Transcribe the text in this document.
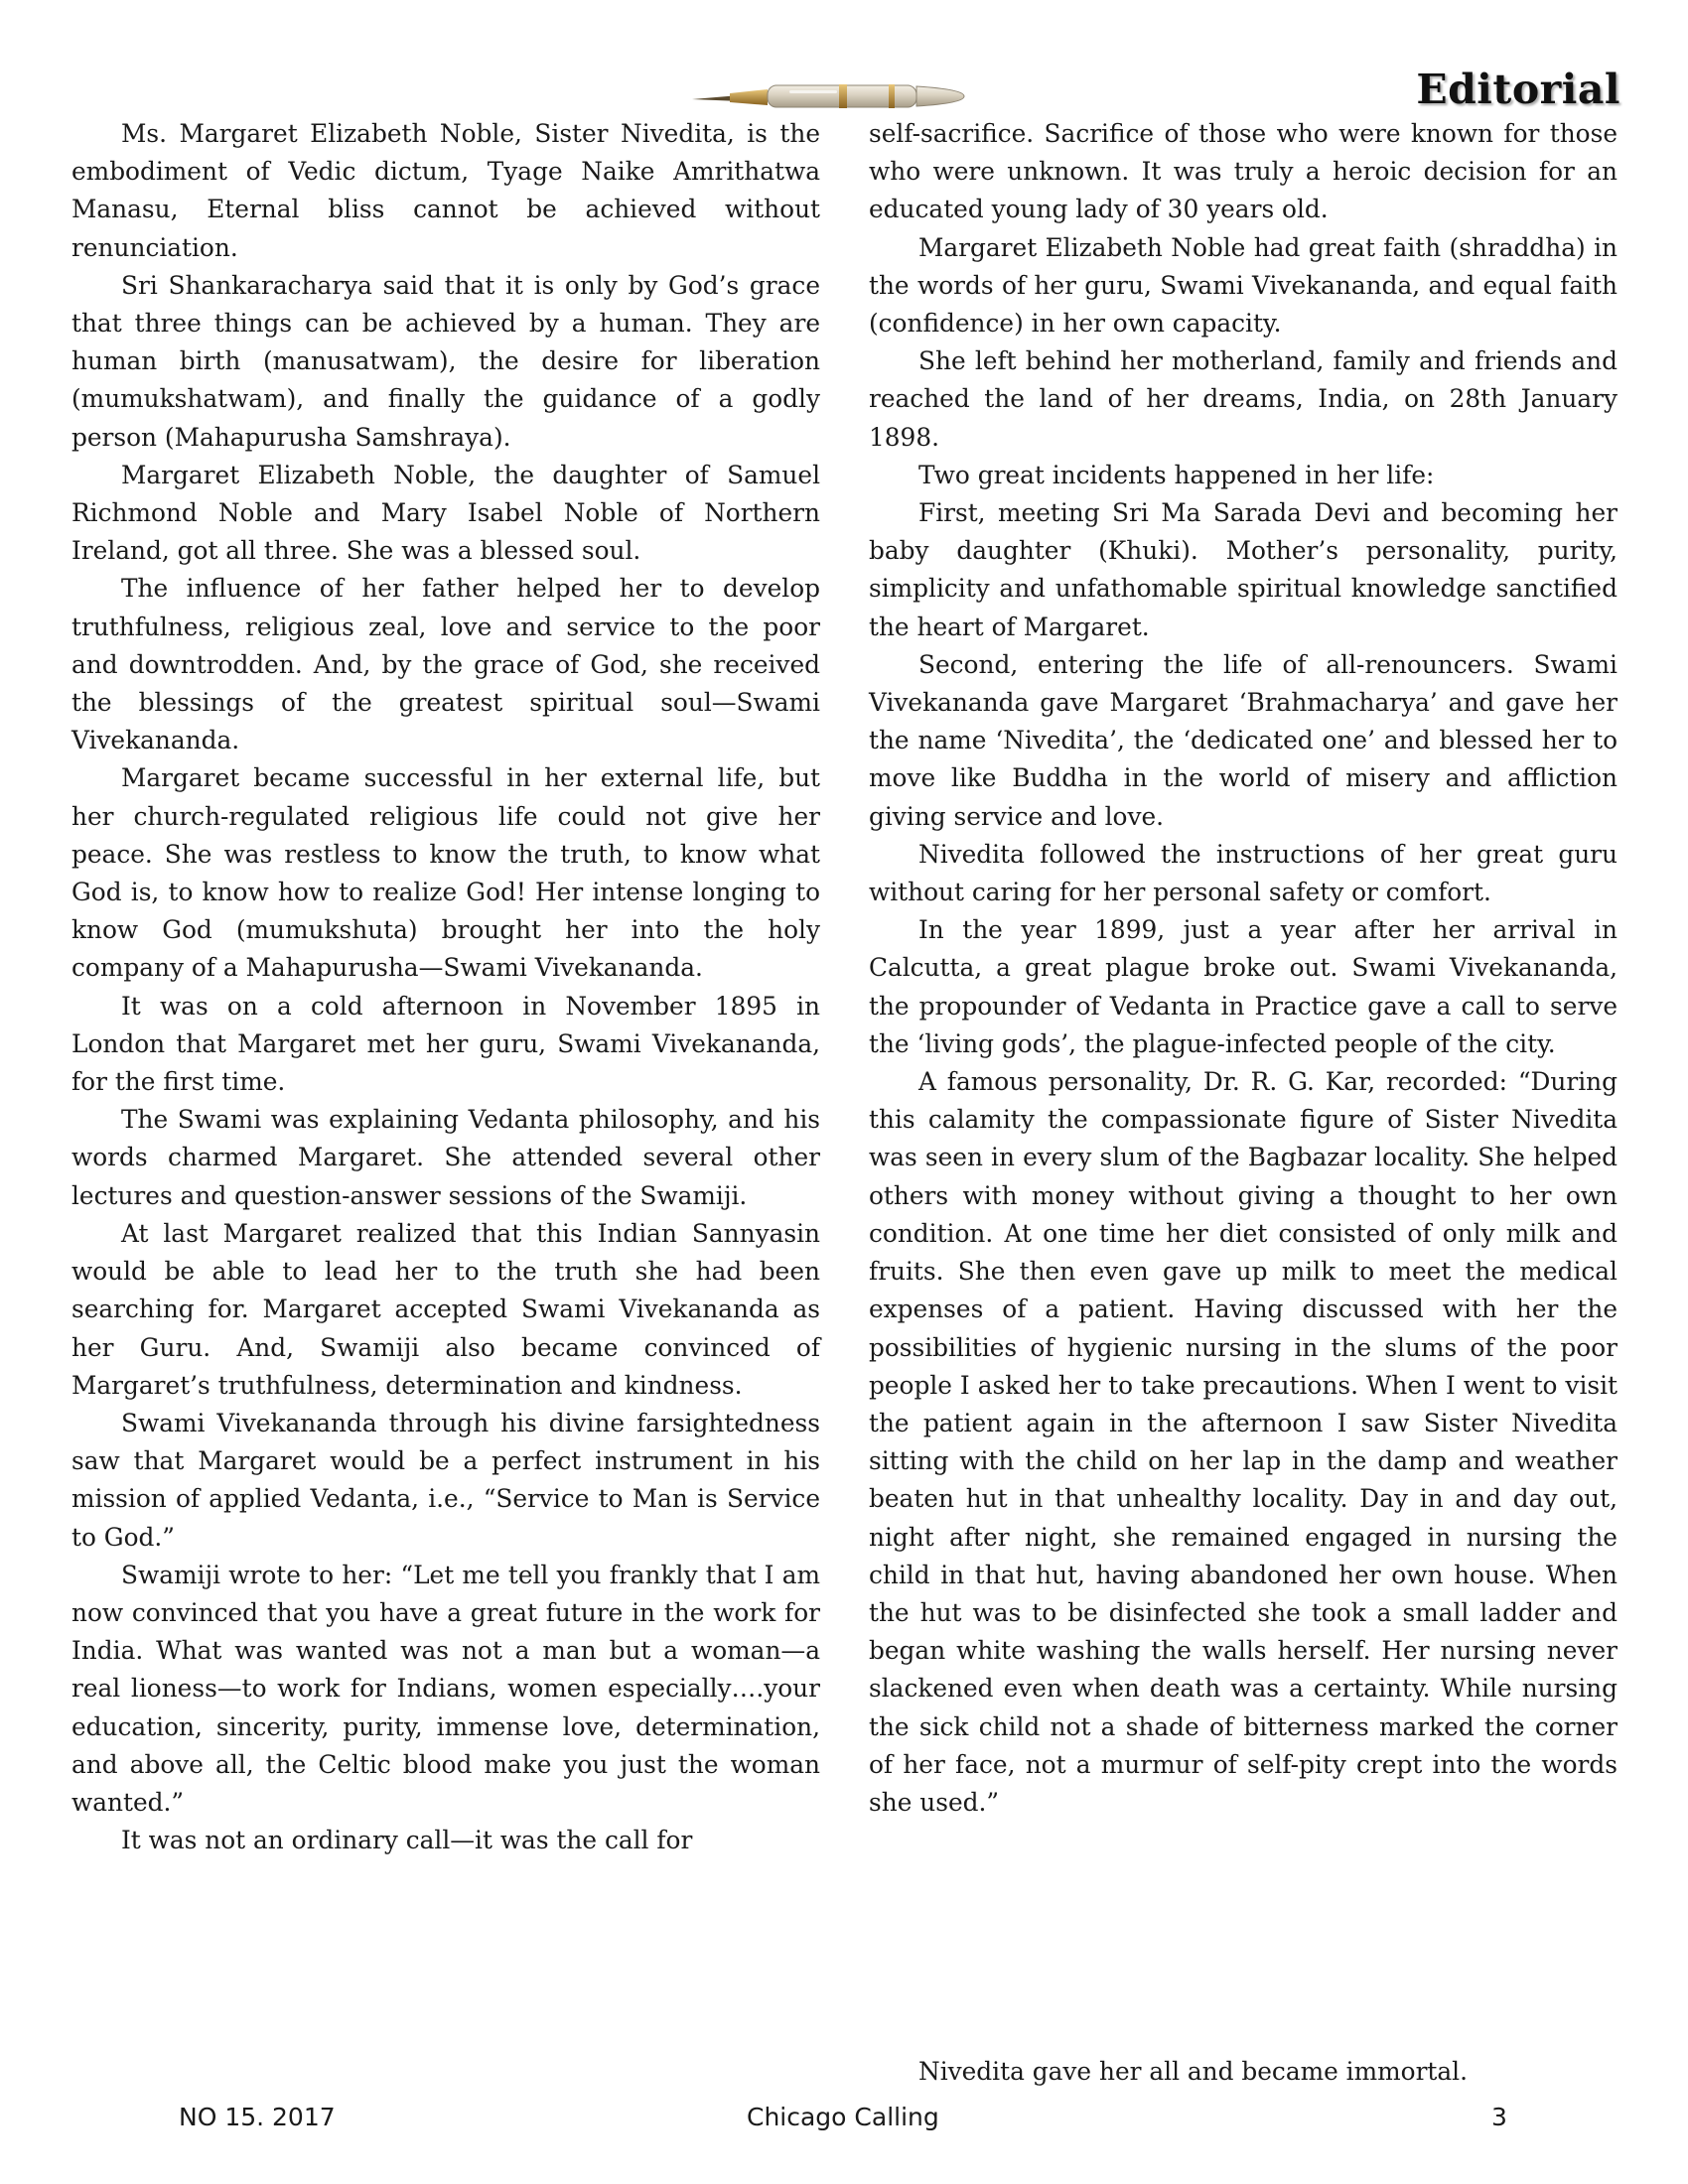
Editorial

Ms. Margaret Elizabeth Noble, Sister Nivedita, is the embodiment of Vedic dictum, Tyage Naike Amrithatwa Manasu, Eternal bliss cannot be achieved without renunciation.

Sri Shankaracharya said that it is only by God’s grace that three things can be achieved by a human. They are human birth (manusatwam), the desire for liberation (mumukshatwam), and finally the guidance of a godly person (Mahapurusha Samshraya).

Margaret Elizabeth Noble, the daughter of Samuel Richmond Noble and Mary Isabel Noble of Northern Ireland, got all three. She was a blessed soul.

The influence of her father helped her to develop truthfulness, religious zeal, love and service to the poor and downtrodden. And, by the grace of God, she received the blessings of the greatest spiritual soul—Swami Vivekananda.

Margaret became successful in her external life, but her church-regulated religious life could not give her peace. She was restless to know the truth, to know what God is, to know how to realize God! Her intense longing to know God (mumukshuta) brought her into the holy company of a Mahapurusha—Swami Vivekananda.

It was on a cold afternoon in November 1895 in London that Margaret met her guru, Swami Vivekananda, for the first time.

The Swami was explaining Vedanta philosophy, and his words charmed Margaret. She attended several other lectures and question-answer sessions of the Swamiji.

At last Margaret realized that this Indian Sannyasin would be able to lead her to the truth she had been searching for. Margaret accepted Swami Vivekananda as her Guru. And, Swamiji also became convinced of Margaret’s truthfulness, determination and kindness.

Swami Vivekananda through his divine farsightedness saw that Margaret would be a perfect instrument in his mission of applied Vedanta, i.e., “Service to Man is Service to God.”

Swamiji wrote to her: “Let me tell you frankly that I am now convinced that you have a great future in the work for India. What was wanted was not a man but a woman—a real lioness—to work for Indians, women especially….your education, sincerity, purity, immense love, determination, and above all, the Celtic blood make you just the woman wanted.”

It was not an ordinary call—it was the call for

self-sacrifice. Sacrifice of those who were known for those who were unknown. It was truly a heroic decision for an educated young lady of 30 years old.

Margaret Elizabeth Noble had great faith (shraddha) in the words of her guru, Swami Vivekananda, and equal faith (confidence) in her own capacity.

She left behind her motherland, family and friends and reached the land of her dreams, India, on 28th January 1898.

Two great incidents happened in her life:

First, meeting Sri Ma Sarada Devi and becoming her baby daughter (Khuki). Mother’s personality, purity, simplicity and unfathomable spiritual knowledge sanctified the heart of Margaret.

Second, entering the life of all-renouncers. Swami Vivekananda gave Margaret ‘Brahmacharya’ and gave her the name ‘Nivedita’, the ‘dedicated one’ and blessed her to move like Buddha in the world of misery and affliction giving service and love.

Nivedita followed the instructions of her great guru without caring for her personal safety or comfort.

In the year 1899, just a year after her arrival in Calcutta, a great plague broke out. Swami Vivekananda, the propounder of Vedanta in Practice gave a call to serve the ‘living gods’, the plague-infected people of the city.

A famous personality, Dr. R. G. Kar, recorded: “During this calamity the compassionate figure of Sister Nivedita was seen in every slum of the Bagbazar locality. She helped others with money without giving a thought to her own condition. At one time her diet consisted of only milk and fruits. She then even gave up milk to meet the medical expenses of a patient. Having discussed with her the possibilities of hygienic nursing in the slums of the poor people I asked her to take precautions. When I went to visit the patient again in the afternoon I saw Sister Nivedita sitting with the child on her lap in the damp and weather beaten hut in that unhealthy locality. Day in and day out, night after night, she remained engaged in nursing the child in that hut, having abandoned her own house. When the hut was to be disinfected she took a small ladder and began white washing the walls herself. Her nursing never slackened even when death was a certainty. While nursing the sick child not a shade of bitterness marked the corner of her face, not a murmur of self-pity crept into the words she used.”

Nivedita gave her all and became immortal.
NO 15. 2017	Chicago Calling	3
